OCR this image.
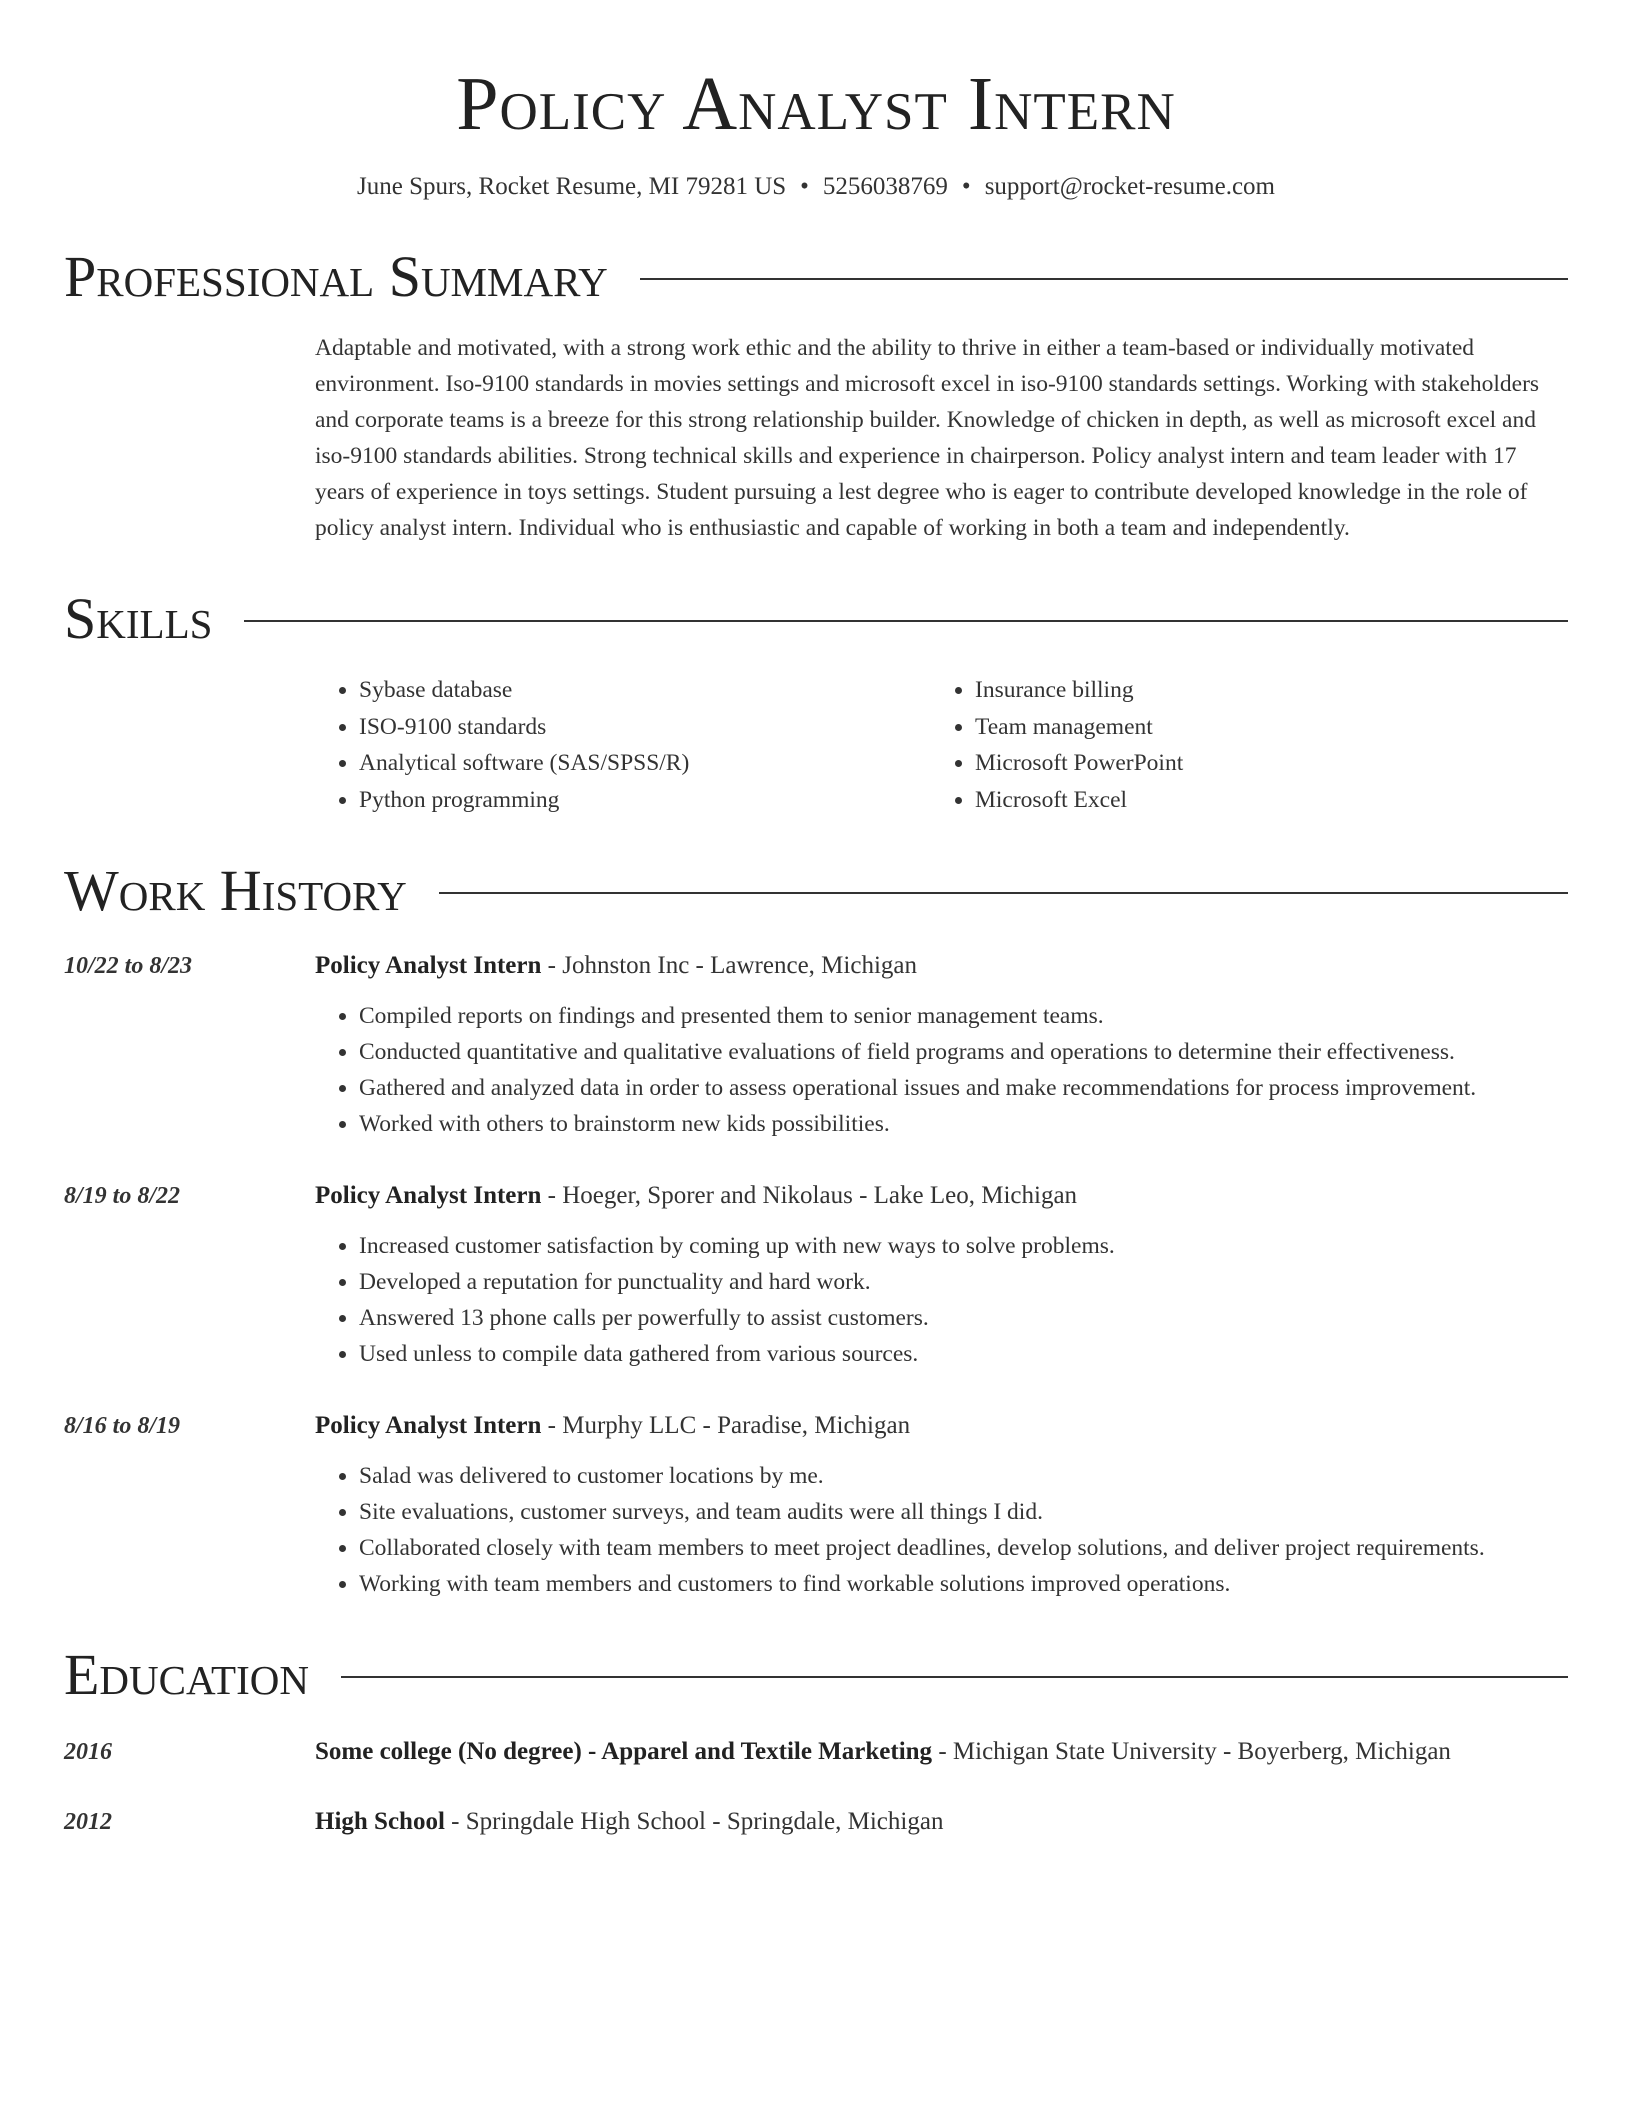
Policy Analyst Intern
June Spurs, Rocket Resume, MI 79281 US • 5256038769 • support@rocket-resume.com
Professional Summary
Adaptable and motivated, with a strong work ethic and the ability to thrive in either a team-based or individually motivated environment. Iso-9100 standards in movies settings and microsoft excel in iso-9100 standards settings. Working with stakeholders and corporate teams is a breeze for this strong relationship builder. Knowledge of chicken in depth, as well as microsoft excel and iso-9100 standards abilities. Strong technical skills and experience in chairperson. Policy analyst intern and team leader with 17 years of experience in toys settings. Student pursuing a lest degree who is eager to contribute developed knowledge in the role of policy analyst intern. Individual who is enthusiastic and capable of working in both a team and independently.
Skills
• Sybase database
• ISO-9100 standards
• Analytical software (SAS/SPSS/R)
• Python programming
• Insurance billing
• Team management
• Microsoft PowerPoint
• Microsoft Excel
Work History
10/22 to 8/23	Policy Analyst Intern - Johnston Inc - Lawrence, Michigan
• Compiled reports on findings and presented them to senior management teams.
• Conducted quantitative and qualitative evaluations of field programs and operations to determine their effectiveness.
• Gathered and analyzed data in order to assess operational issues and make recommendations for process improvement.
• Worked with others to brainstorm new kids possibilities.
8/19 to 8/22	Policy Analyst Intern - Hoeger, Sporer and Nikolaus - Lake Leo, Michigan
• Increased customer satisfaction by coming up with new ways to solve problems.
• Developed a reputation for punctuality and hard work.
• Answered 13 phone calls per powerfully to assist customers.
• Used unless to compile data gathered from various sources.
8/16 to 8/19	Policy Analyst Intern - Murphy LLC - Paradise, Michigan
• Salad was delivered to customer locations by me.
• Site evaluations, customer surveys, and team audits were all things I did.
• Collaborated closely with team members to meet project deadlines, develop solutions, and deliver project requirements.
• Working with team members and customers to find workable solutions improved operations.
Education
2016	Some college (No degree) - Apparel and Textile Marketing - Michigan State University - Boyerberg, Michigan
2012	High School - Springdale High School - Springdale, Michigan
